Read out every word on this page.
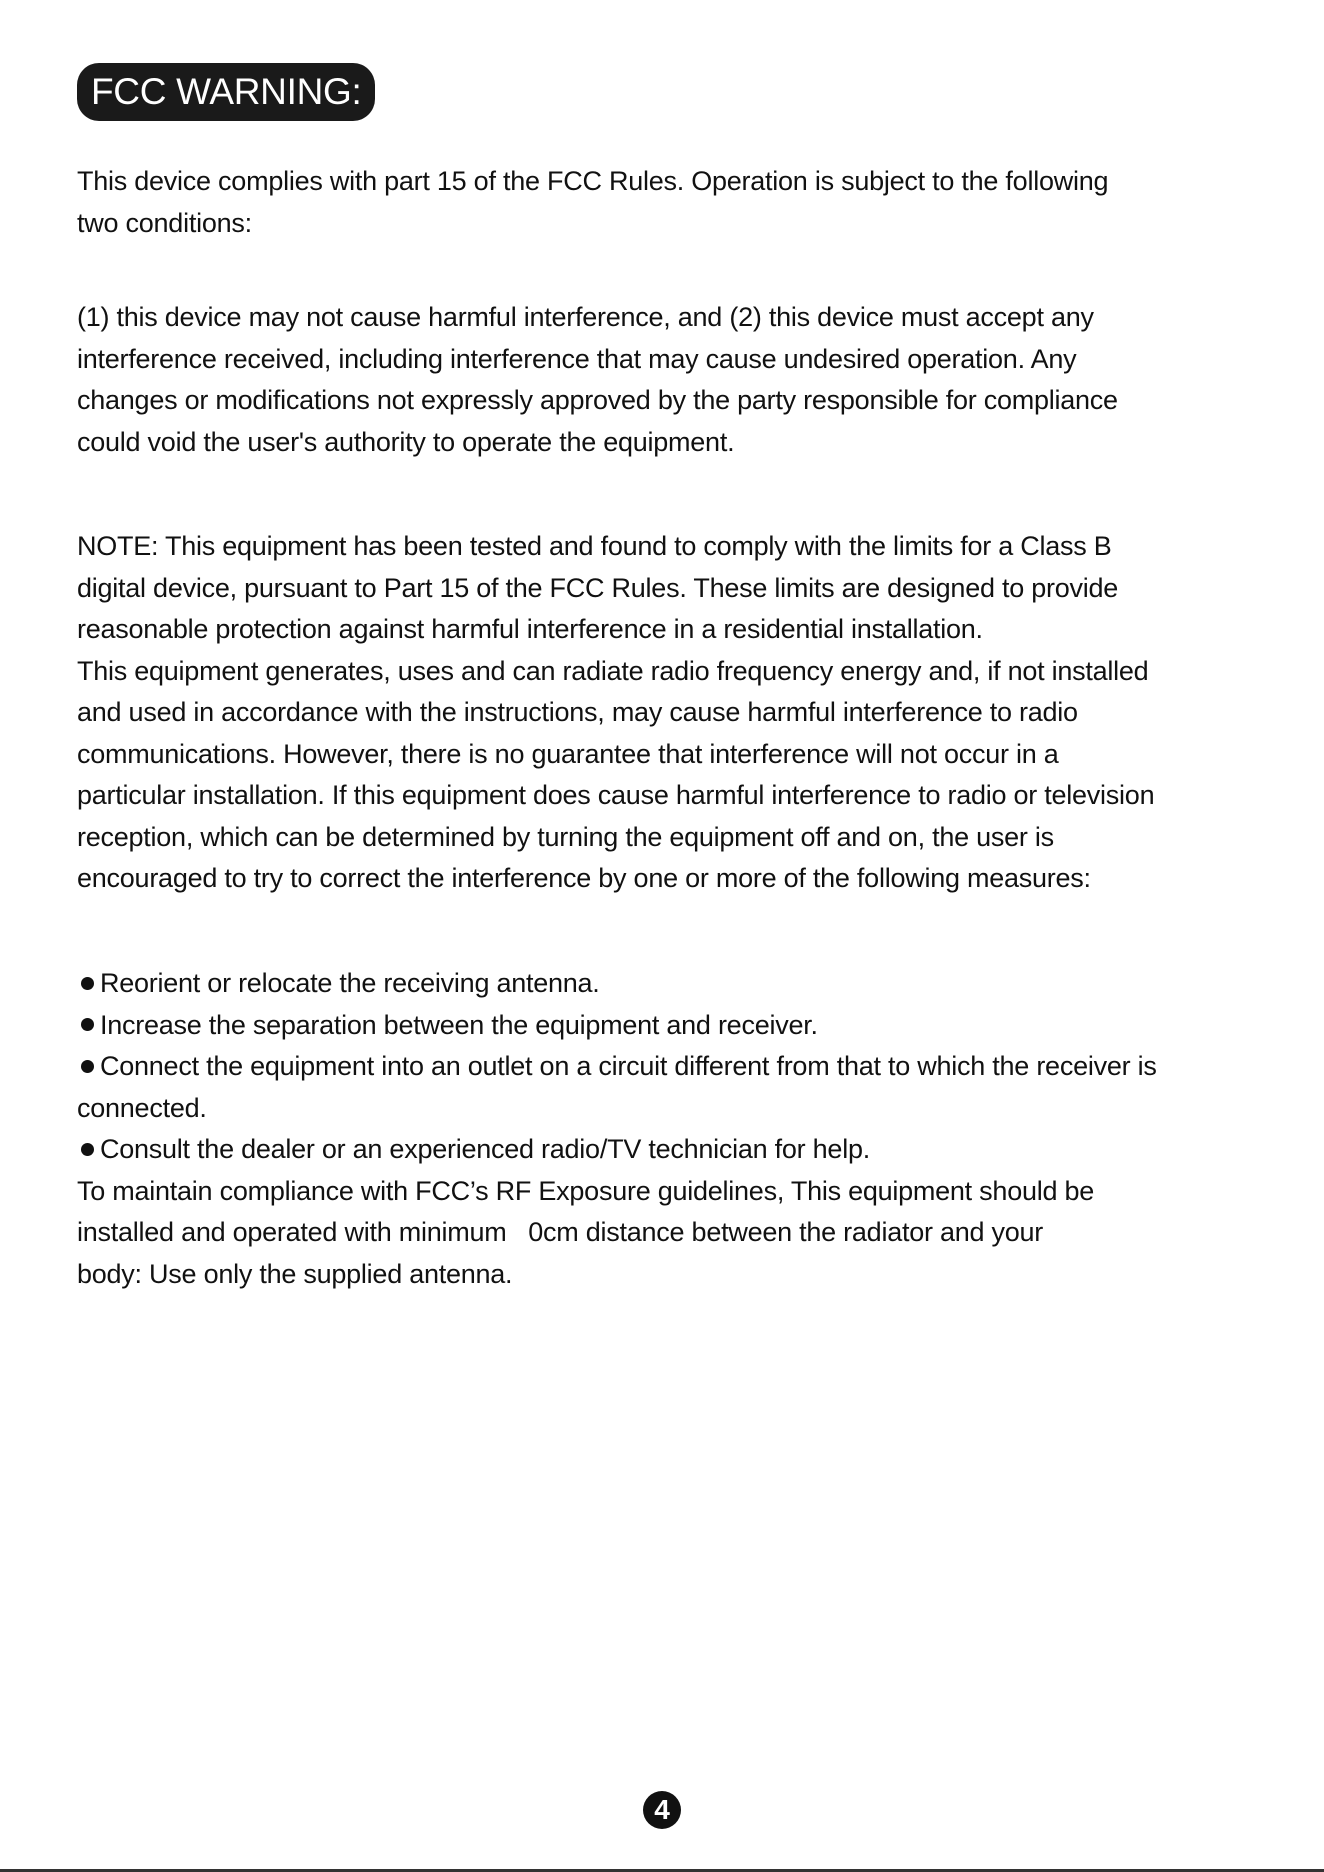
FCC WARNING:

This device complies with part 15 of the FCC Rules. Operation is subject to the following

two conditions:

(1) this device may not cause harmful interference, and (2) this device must accept any

interference received, including interference that may cause undesired operation. Any

changes or modifications not expressly approved by the party responsible for compliance

could void the user's authority to operate the equipment.

NOTE: This equipment has been tested and found to comply with the limits for a Class B

digital device, pursuant to Part 15 of the FCC Rules. These limits are designed to provide

reasonable protection against harmful interference in a residential installation.

This equipment generates, uses and can radiate radio frequency energy and, if not installed

and used in accordance with the instructions, may cause harmful interference to radio

communications. However, there is no guarantee that interference will not occur in a

particular installation. If this equipment does cause harmful interference to radio or television

reception, which can be determined by turning the equipment off and on, the user is

encouraged to try to correct the interference by one or more of the following measures:

Reorient or relocate the receiving antenna.

Increase the separation between the equipment and receiver.

Connect the equipment into an outlet on a circuit different from that to which the receiver is

connected.

Consult the dealer or an experienced radio/TV technician for help.

To maintain compliance with FCC’s RF Exposure guidelines, This equipment should be

installed and operated with minimum   0cm distance between the radiator and your

body: Use only the supplied antenna.

4
